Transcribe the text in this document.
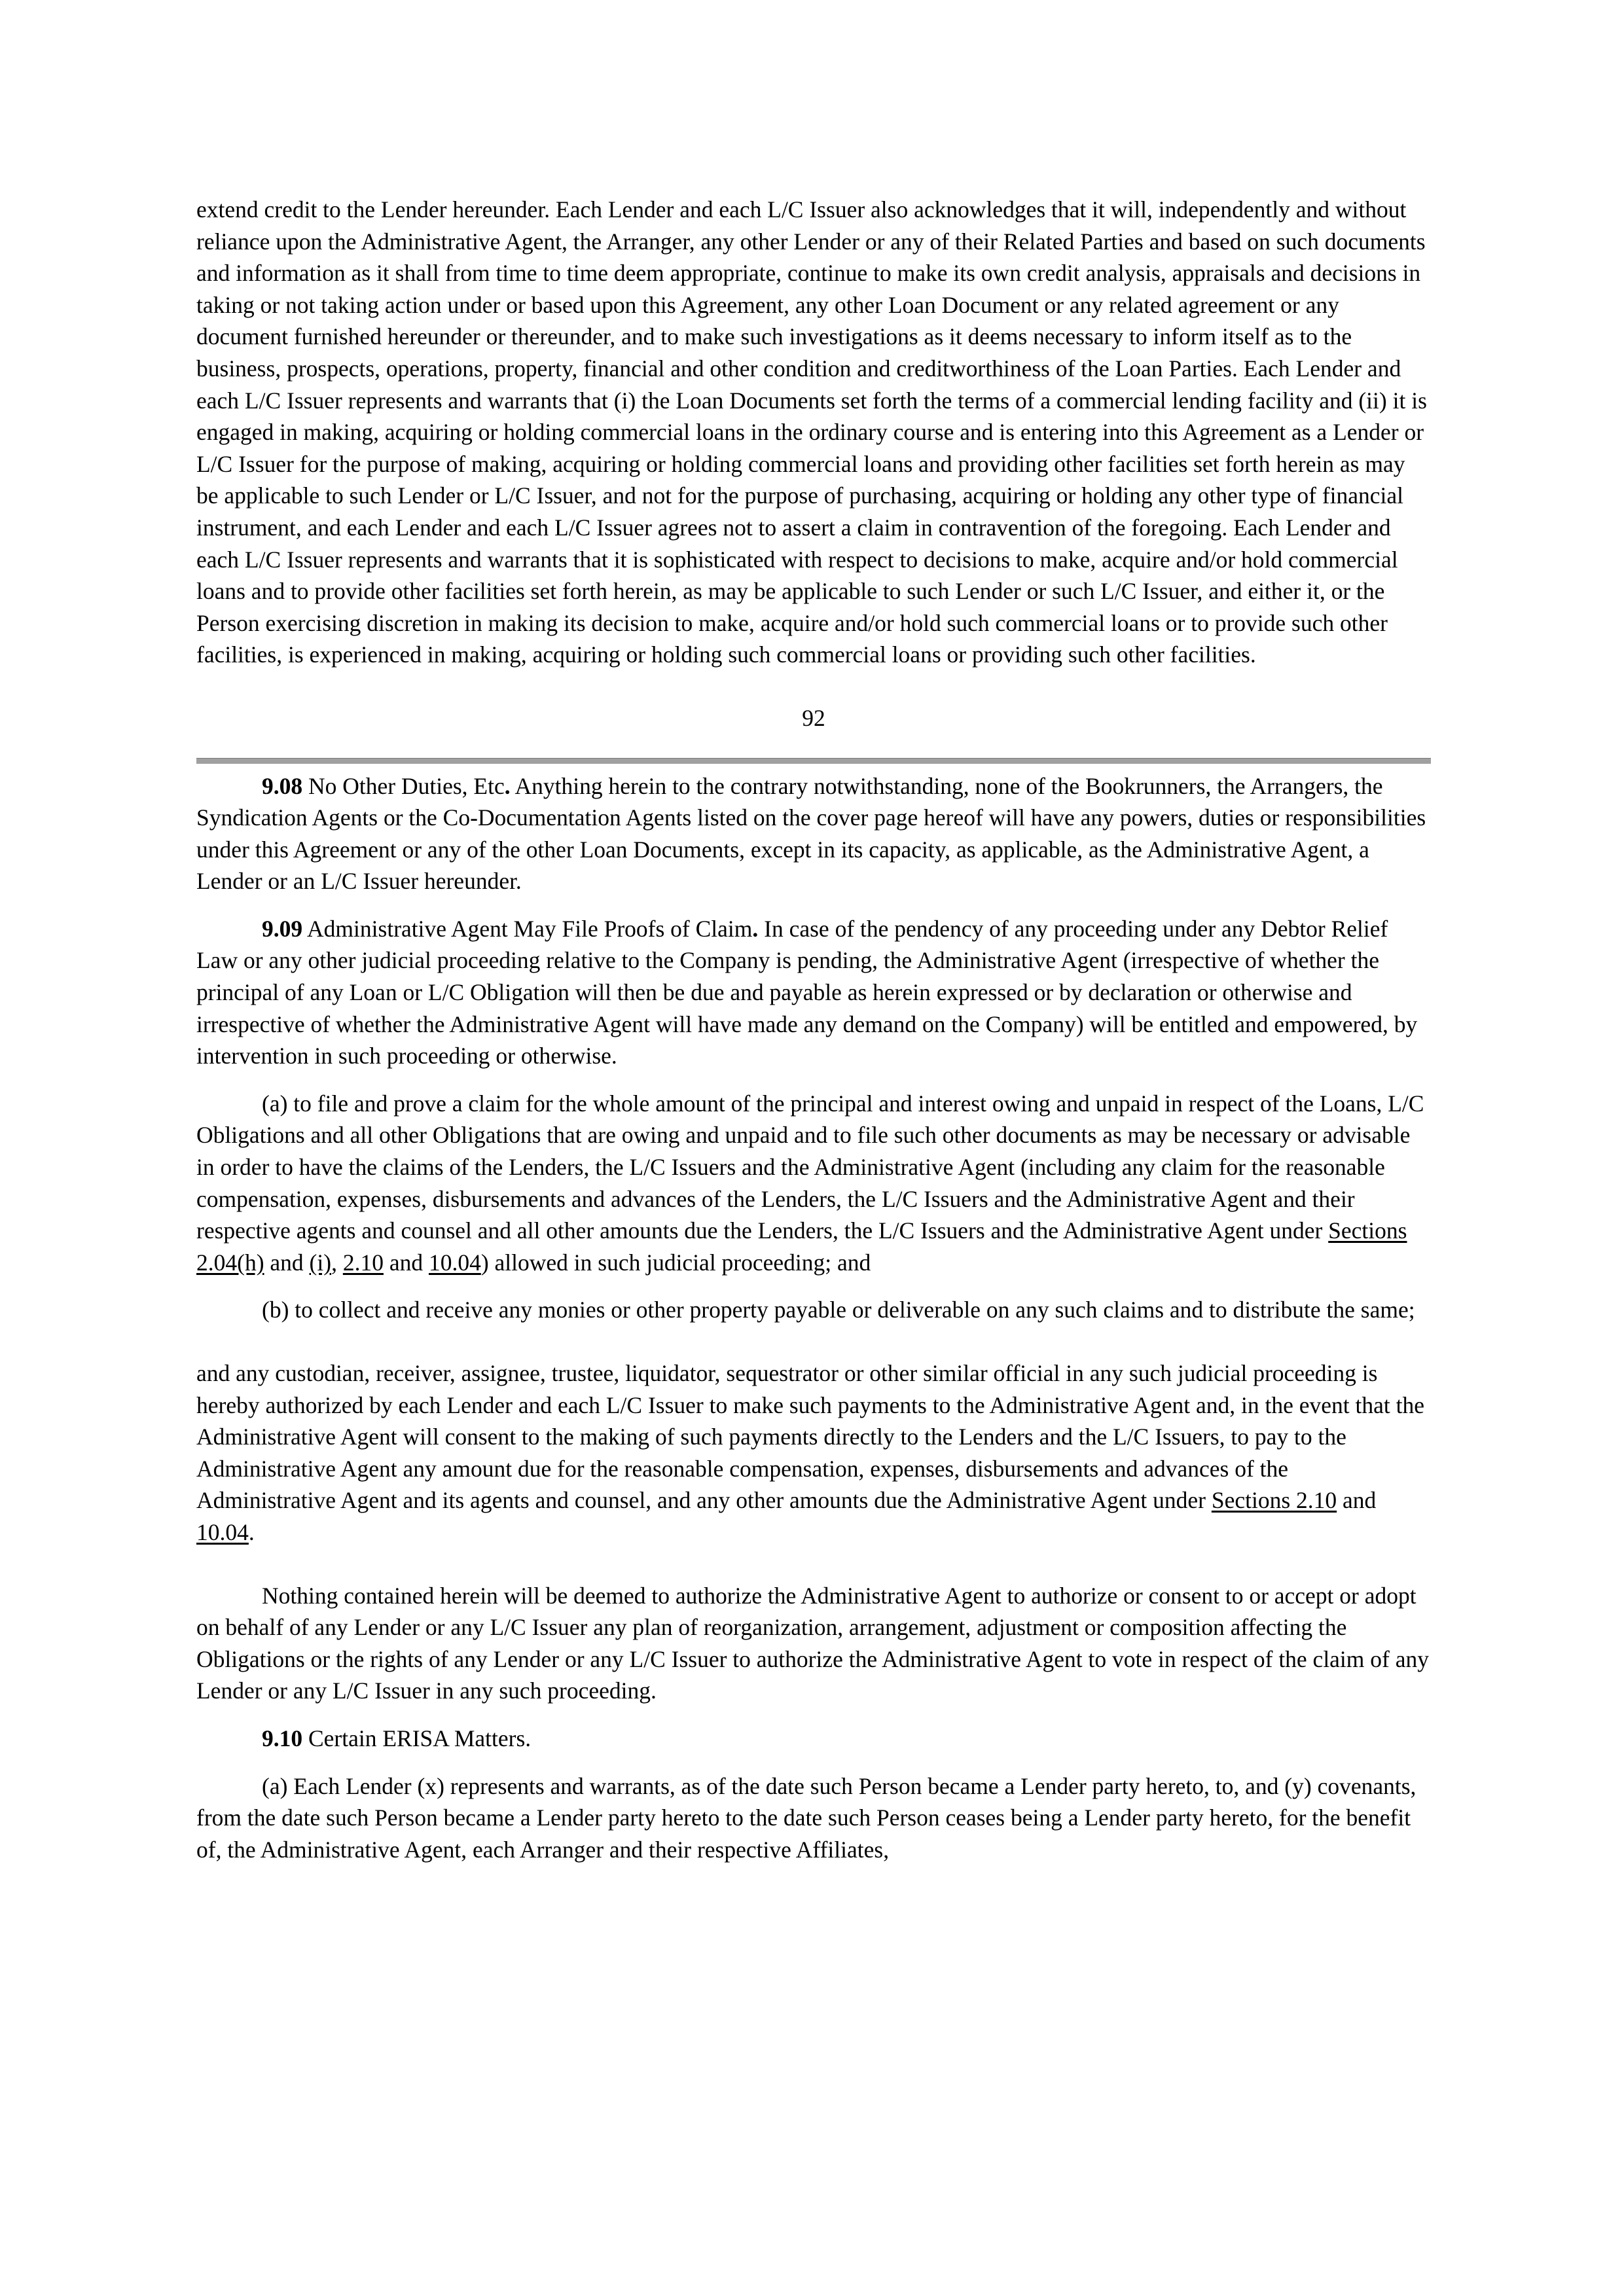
extend credit to the Lender hereunder. Each Lender and each L/C Issuer also acknowledges that it will, independently and without reliance upon the Administrative Agent, the Arranger, any other Lender or any of their Related Parties and based on such documents and information as it shall from time to time deem appropriate, continue to make its own credit analysis, appraisals and decisions in taking or not taking action under or based upon this Agreement, any other Loan Document or any related agreement or any document furnished hereunder or thereunder, and to make such investigations as it deems necessary to inform itself as to the business, prospects, operations, property, financial and other condition and creditworthiness of the Loan Parties. Each Lender and each L/C Issuer represents and warrants that (i) the Loan Documents set forth the terms of a commercial lending facility and (ii) it is engaged in making, acquiring or holding commercial loans in the ordinary course and is entering into this Agreement as a Lender or L/C Issuer for the purpose of making, acquiring or holding commercial loans and providing other facilities set forth herein as may be applicable to such Lender or L/C Issuer, and not for the purpose of purchasing, acquiring or holding any other type of financial instrument, and each Lender and each L/C Issuer agrees not to assert a claim in contravention of the foregoing. Each Lender and each L/C Issuer represents and warrants that it is sophisticated with respect to decisions to make, acquire and/or hold commercial loans and to provide other facilities set forth herein, as may be applicable to such Lender or such L/C Issuer, and either it, or the Person exercising discretion in making its decision to make, acquire and/or hold such commercial loans or to provide such other facilities, is experienced in making, acquiring or holding such commercial loans or providing such other facilities.

92

9.08 No Other Duties, Etc. Anything herein to the contrary notwithstanding, none of the Bookrunners, the Arrangers, the Syndication Agents or the Co-Documentation Agents listed on the cover page hereof will have any powers, duties or responsibilities under this Agreement or any of the other Loan Documents, except in its capacity, as applicable, as the Administrative Agent, a Lender or an L/C Issuer hereunder.

9.09 Administrative Agent May File Proofs of Claim. In case of the pendency of any proceeding under any Debtor Relief Law or any other judicial proceeding relative to the Company is pending, the Administrative Agent (irrespective of whether the principal of any Loan or L/C Obligation will then be due and payable as herein expressed or by declaration or otherwise and irrespective of whether the Administrative Agent will have made any demand on the Company) will be entitled and empowered, by intervention in such proceeding or otherwise.

(a) to file and prove a claim for the whole amount of the principal and interest owing and unpaid in respect of the Loans, L/C Obligations and all other Obligations that are owing and unpaid and to file such other documents as may be necessary or advisable in order to have the claims of the Lenders, the L/C Issuers and the Administrative Agent (including any claim for the reasonable compensation, expenses, disbursements and advances of the Lenders, the L/C Issuers and the Administrative Agent and their respective agents and counsel and all other amounts due the Lenders, the L/C Issuers and the Administrative Agent under Sections 2.04(h) and (i), 2.10 and 10.04) allowed in such judicial proceeding; and

(b) to collect and receive any monies or other property payable or deliverable on any such claims and to distribute the same;

and any custodian, receiver, assignee, trustee, liquidator, sequestrator or other similar official in any such judicial proceeding is hereby authorized by each Lender and each L/C Issuer to make such payments to the Administrative Agent and, in the event that the Administrative Agent will consent to the making of such payments directly to the Lenders and the L/C Issuers, to pay to the Administrative Agent any amount due for the reasonable compensation, expenses, disbursements and advances of the Administrative Agent and its agents and counsel, and any other amounts due the Administrative Agent under Sections 2.10 and 10.04.

Nothing contained herein will be deemed to authorize the Administrative Agent to authorize or consent to or accept or adopt on behalf of any Lender or any L/C Issuer any plan of reorganization, arrangement, adjustment or composition affecting the Obligations or the rights of any Lender or any L/C Issuer to authorize the Administrative Agent to vote in respect of the claim of any Lender or any L/C Issuer in any such proceeding.

9.10 Certain ERISA Matters.

(a) Each Lender (x) represents and warrants, as of the date such Person became a Lender party hereto, to, and (y) covenants, from the date such Person became a Lender party hereto to the date such Person ceases being a Lender party hereto, for the benefit of, the Administrative Agent, each Arranger and their respective Affiliates,
